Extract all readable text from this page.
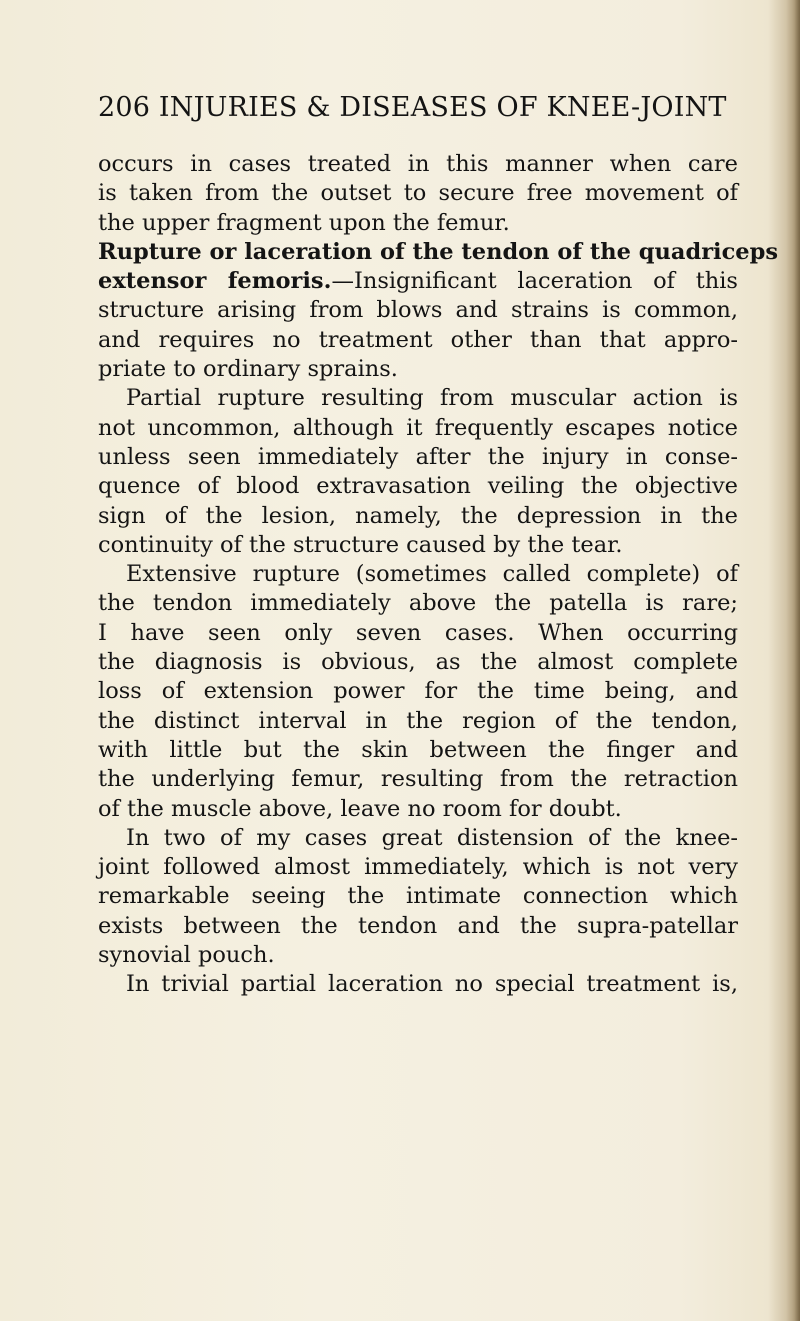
206 INJURIES & DISEASES OF KNEE-JOINT
occurs in cases treated in this manner when care
is taken from the outset to secure free movement of
the upper fragment upon the femur.
Rupture or laceration of the tendon of the quadriceps
extensor femoris.—Insignificant laceration of this
structure arising from blows and strains is common,
and requires no treatment other than that appro-
priate to ordinary sprains.
Partial rupture resulting from muscular action is
not uncommon, although it frequently escapes notice
unless seen immediately after the injury in conse-
quence of blood extravasation veiling the objective
sign of the lesion, namely, the depression in the
continuity of the structure caused by the tear.
Extensive rupture (sometimes called complete) of
the tendon immediately above the patella is rare;
I have seen only seven cases. When occurring
the diagnosis is obvious, as the almost complete
loss of extension power for the time being, and
the distinct interval in the region of the tendon,
with little but the skin between the finger and
the underlying femur, resulting from the retraction
of the muscle above, leave no room for doubt.
In two of my cases great distension of the knee-
joint followed almost immediately, which is not very
remarkable seeing the intimate connection which
exists between the tendon and the supra-patellar
synovial pouch.
In trivial partial laceration no special treatment is,
